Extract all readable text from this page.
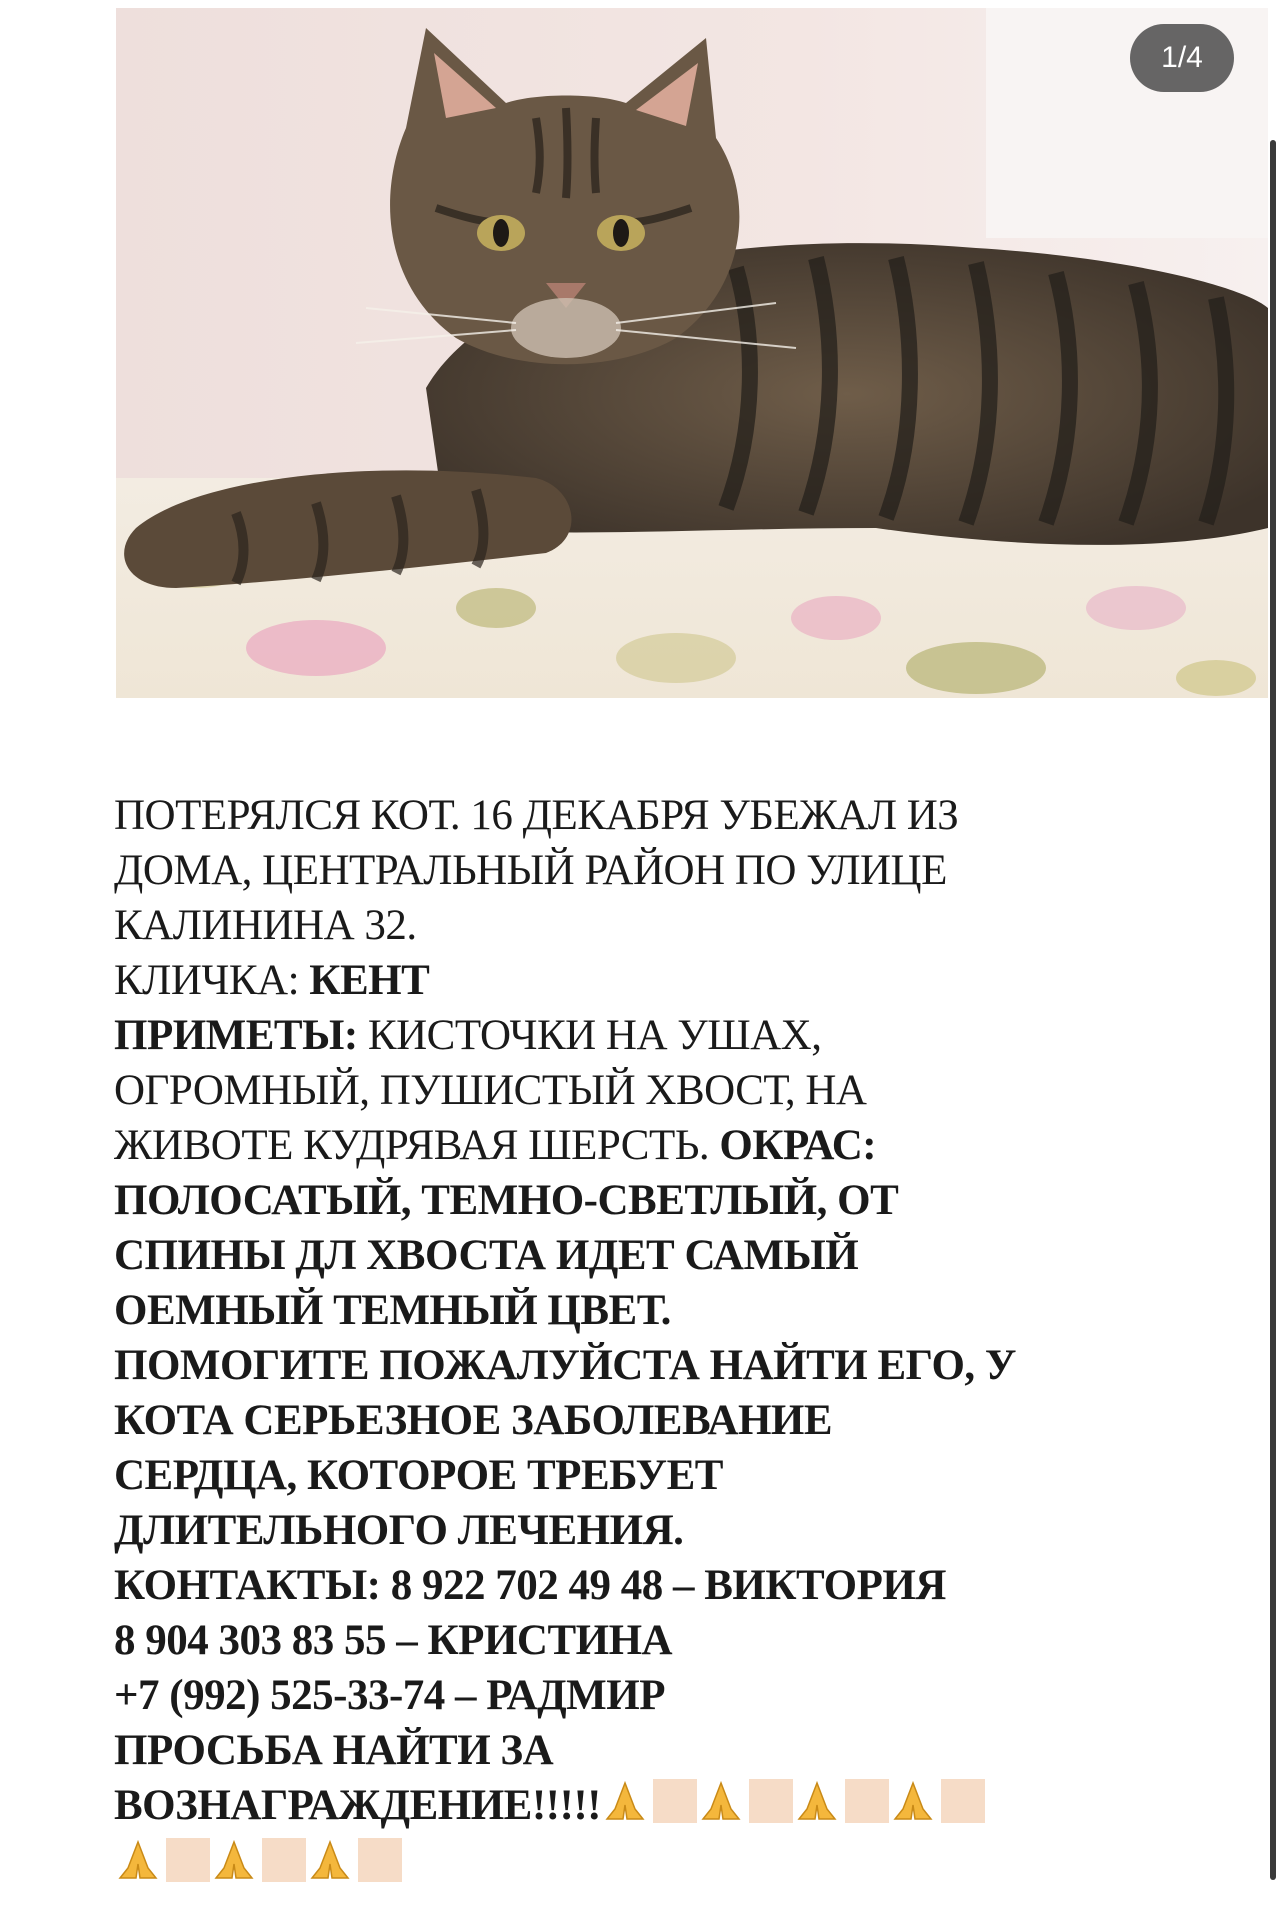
1/4
ПОТЕРЯЛСЯ КОТ. 16 ДЕКАБРЯ УБЕЖАЛ ИЗ
ДОМА, ЦЕНТРАЛЬНЫЙ РАЙОН ПО УЛИЦЕ
КАЛИНИНА 32.
КЛИЧКА: КЕНТ
ПРИМЕТЫ: КИСТОЧКИ НА УШАХ,
ОГРОМНЫЙ, ПУШИСТЫЙ ХВОСТ, НА
ЖИВОТЕ КУДРЯВАЯ ШЕРСТЬ. ОКРАС:
ПОЛОСАТЫЙ, ТЕМНО-СВЕТЛЫЙ, ОТ
СПИНЫ ДЛ ХВОСТА ИДЕТ САМЫЙ
ОЕМНЫЙ ТЕМНЫЙ ЦВЕТ.
ПОМОГИТЕ ПОЖАЛУЙСТА НАЙТИ ЕГО, У
КОТА СЕРЬЕЗНОЕ ЗАБОЛЕВАНИЕ
СЕРДЦА, КОТОРОЕ ТРЕБУЕТ
ДЛИТЕЛЬНОГО ЛЕЧЕНИЯ.
КОНТАКТЫ: 8 922 702 49 48 – ВИКТОРИЯ
8 904 303 83 55 – КРИСТИНА
+7 (992) 525-33-74 – РАДМИР
ПРОСЬБА НАЙТИ ЗА
ВОЗНАГРАЖДЕНИЕ!!!!!
